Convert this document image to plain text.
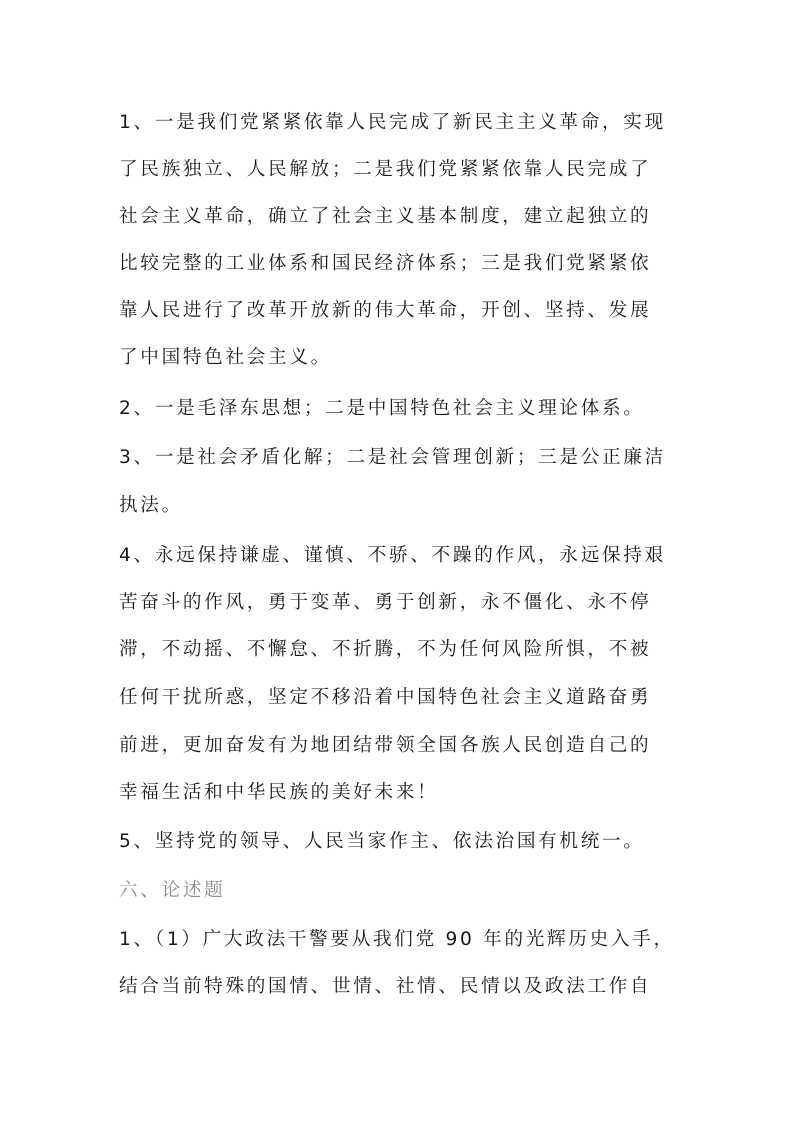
1、一是我们党紧紧依靠人民完成了新民主主义革命，实现
了民族独立、人民解放；二是我们党紧紧依靠人民完成了
社会主义革命，确立了社会主义基本制度，建立起独立的
比较完整的工业体系和国民经济体系；三是我们党紧紧依
靠人民进行了改革开放新的伟大革命，开创、坚持、发展
了中国特色社会主义。
2、一是毛泽东思想；二是中国特色社会主义理论体系。
3、一是社会矛盾化解；二是社会管理创新；三是公正廉洁
执法。
4、永远保持谦虚、谨慎、不骄、不躁的作风，永远保持艰
苦奋斗的作风，勇于变革、勇于创新，永不僵化、永不停
滞，不动摇、不懈怠、不折腾，不为任何风险所惧，不被
任何干扰所惑，坚定不移沿着中国特色社会主义道路奋勇
前进，更加奋发有为地团结带领全国各族人民创造自己的
幸福生活和中华民族的美好未来！
5、坚持党的领导、人民当家作主、依法治国有机统一。
六、论述题
1、（1）广大政法干警要从我们党 90 年的光辉历史入手，
结合当前特殊的国情、世情、社情、民情以及政法工作自
